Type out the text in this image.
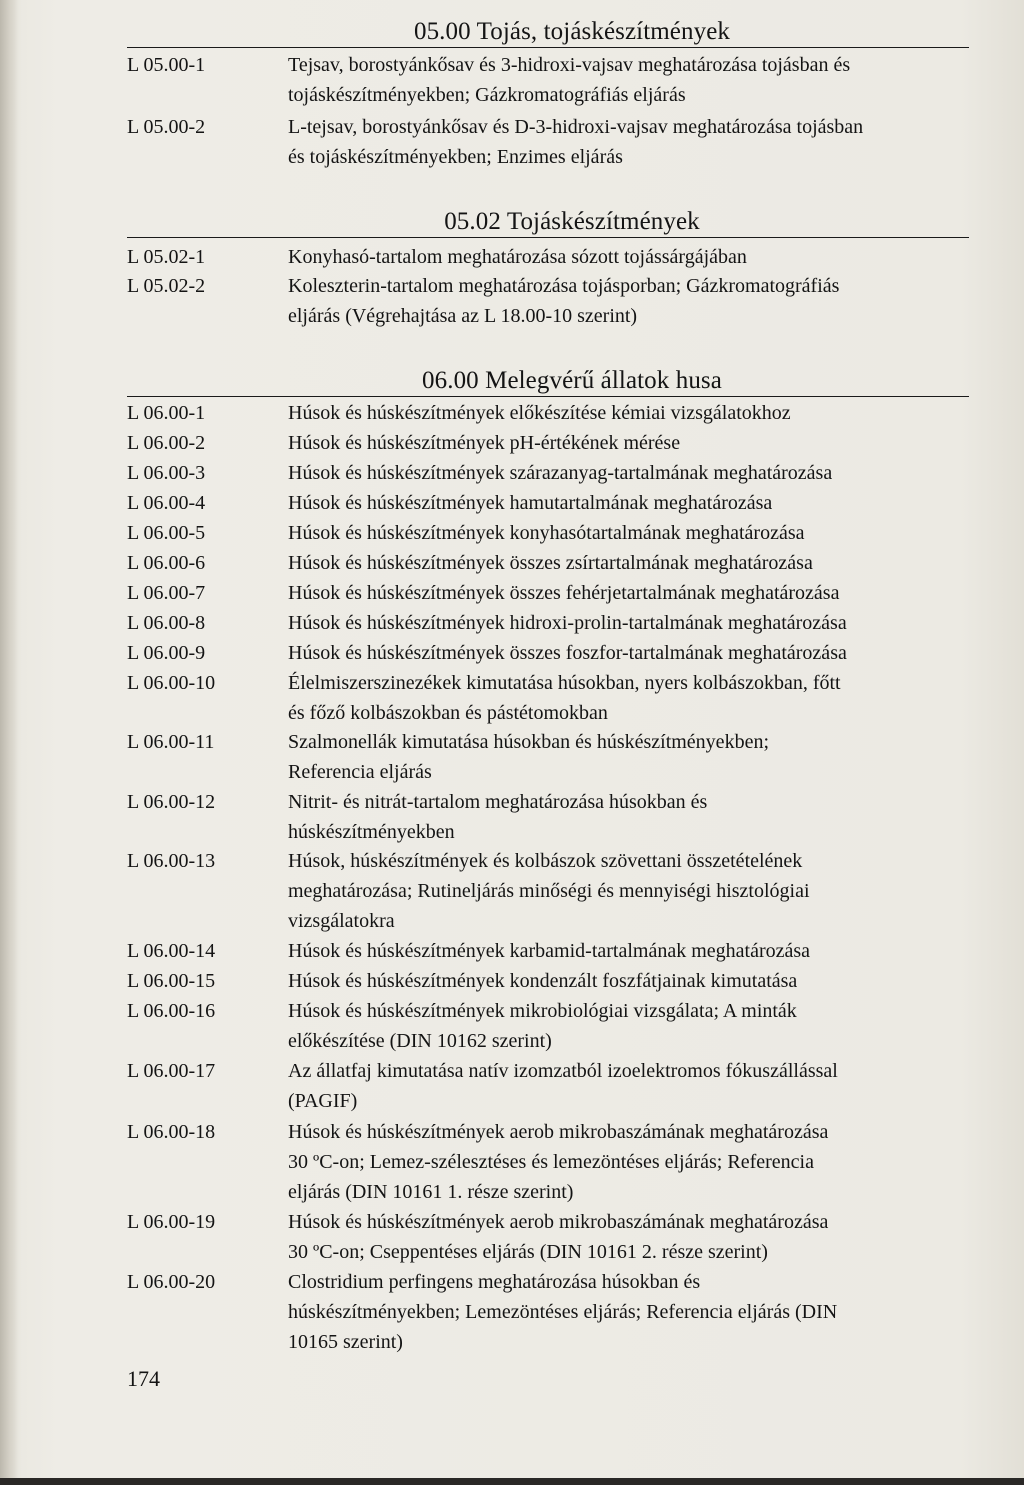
05.00 Tojás, tojáskészítmények
L 05.00-1	Tejsav, borostyánkősav és 3-hidroxi-vajsav meghatározása tojásban és
tojáskészítményekben; Gázkromatográfiás eljárás
L 05.00-2	L-tejsav, borostyánkősav és D-3-hidroxi-vajsav meghatározása tojásban
és tojáskészítményekben; Enzimes eljárás
05.02 Tojáskészítmények
L 05.02-1	Konyhasó-tartalom meghatározása sózott tojássárgájában
L 05.02-2	Koleszterin-tartalom meghatározása tojásporban; Gázkromatográfiás
eljárás (Végrehajtása az L 18.00-10 szerint)
06.00 Melegvérű állatok husa
L 06.00-1	Húsok és húskészítmények előkészítése kémiai vizsgálatokhoz
L 06.00-2	Húsok és húskészítmények pH-értékének mérése
L 06.00-3	Húsok és húskészítmények szárazanyag-tartalmának meghatározása
L 06.00-4	Húsok és húskészítmények hamutartalmának meghatározása
L 06.00-5	Húsok és húskészítmények konyhasótartalmának meghatározása
L 06.00-6	Húsok és húskészítmények összes zsírtartalmának meghatározása
L 06.00-7	Húsok és húskészítmények összes fehérjetartalmának meghatározása
L 06.00-8	Húsok és húskészítmények hidroxi-prolin-tartalmának meghatározása
L 06.00-9	Húsok és húskészítmények összes foszfor-tartalmának meghatározása
L 06.00-10	Élelmiszerszinezékek kimutatása húsokban, nyers kolbászokban, főtt
és főző kolbászokban és pástétomokban
L 06.00-11	Szalmonellák kimutatása húsokban és húskészítményekben;
Referencia eljárás
L 06.00-12	Nitrit- és nitrát-tartalom meghatározása húsokban és
húskészítményekben
L 06.00-13	Húsok, húskészítmények és kolbászok szövettani összetételének
meghatározása; Rutineljárás minőségi és mennyiségi hisztológiai
vizsgálatokra
L 06.00-14	Húsok és húskészítmények karbamid-tartalmának meghatározása
L 06.00-15	Húsok és húskészítmények kondenzált foszfátjainak kimutatása
L 06.00-16	Húsok és húskészítmények mikrobiológiai vizsgálata; A minták
előkészítése (DIN 10162 szerint)
L 06.00-17	Az állatfaj kimutatása natív izomzatból izoelektromos fókuszállással
(PAGIF)
L 06.00-18	Húsok és húskészítmények aerob mikrobaszámának meghatározása
30 ºC-on; Lemez-szélesztéses és lemezöntéses eljárás; Referencia
eljárás (DIN 10161 1. része szerint)
L 06.00-19	Húsok és húskészítmények aerob mikrobaszámának meghatározása
30 ºC-on; Cseppentéses eljárás (DIN 10161 2. része szerint)
L 06.00-20	Clostridium perfingens meghatározása húsokban és
húskészítményekben; Lemezöntéses eljárás; Referencia eljárás (DIN
10165 szerint)
174
